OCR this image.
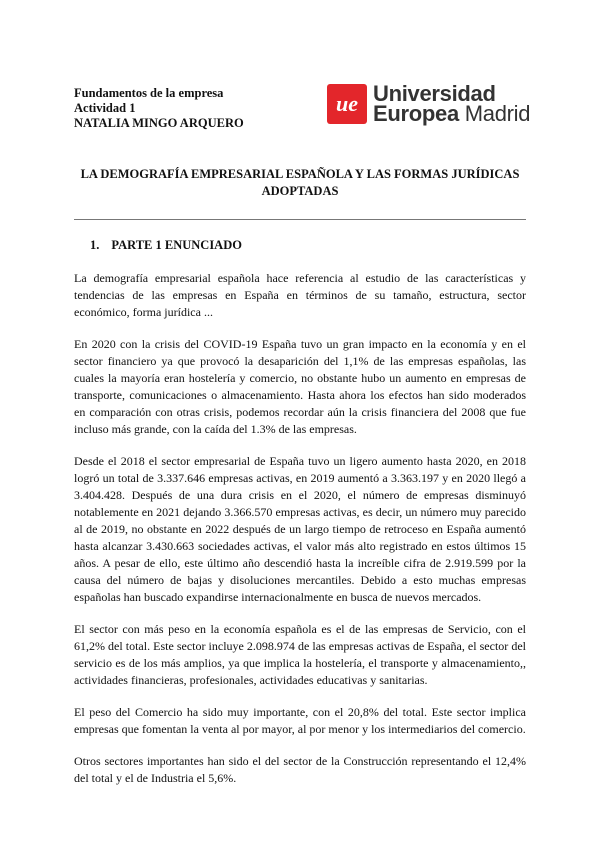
Fundamentos de la empresa
Actividad 1
NATALIA MINGO ARQUERO
ue Universidad
Europea Madrid
LA DEMOGRAFÍA EMPRESARIAL ESPAÑOLA Y LAS FORMAS JURÍDICAS ADOPTADAS
1. PARTE 1 ENUNCIADO

La demografía empresarial española hace referencia al estudio de las características y tendencias de las empresas en España en términos de su tamaño, estructura, sector económico, forma jurídica ...

En 2020 con la crisis del COVID-19 España tuvo un gran impacto en la economía y en el sector financiero ya que provocó la desaparición del 1,1% de las empresas españolas, las cuales la mayoría eran hostelería y comercio, no obstante hubo un aumento en empresas de transporte, comunicaciones o almacenamiento. Hasta ahora los efectos han sido moderados en comparación con otras crisis, podemos recordar aún la crisis financiera del 2008 que fue incluso más grande, con la caída del 1.3% de las empresas.

Desde el 2018 el sector empresarial de España tuvo un ligero aumento hasta 2020, en 2018 logró un total de 3.337.646 empresas activas, en 2019 aumentó a 3.363.197 y en 2020 llegó a 3.404.428. Después de una dura crisis en el 2020, el número de empresas disminuyó notablemente en 2021 dejando 3.366.570 empresas activas, es decir, un número muy parecido al de 2019, no obstante en 2022 después de un largo tiempo de retroceso en España aumentó hasta alcanzar 3.430.663 sociedades activas, el valor más alto registrado en estos últimos 15 años. A pesar de ello, este último año descendió hasta la increíble cifra de 2.919.599 por la causa del número de bajas y disoluciones mercantiles. Debido a esto muchas empresas españolas han buscado expandirse internacionalmente en busca de nuevos mercados.

El sector con más peso en la economía española es el de las empresas de Servicio, con el 61,2% del total. Este sector incluye 2.098.974 de las empresas activas de España, el sector del servicio es de los más amplios, ya que implica la hostelería, el transporte y almacenamiento,, actividades financieras, profesionales, actividades educativas y sanitarias.

El peso del Comercio ha sido muy importante, con el 20,8% del total. Este sector implica empresas que fomentan la venta al por mayor, al por menor y los intermediarios del comercio.

Otros sectores importantes han sido el del sector de la Construcción representando el 12,4% del total y el de Industria el 5,6%.
